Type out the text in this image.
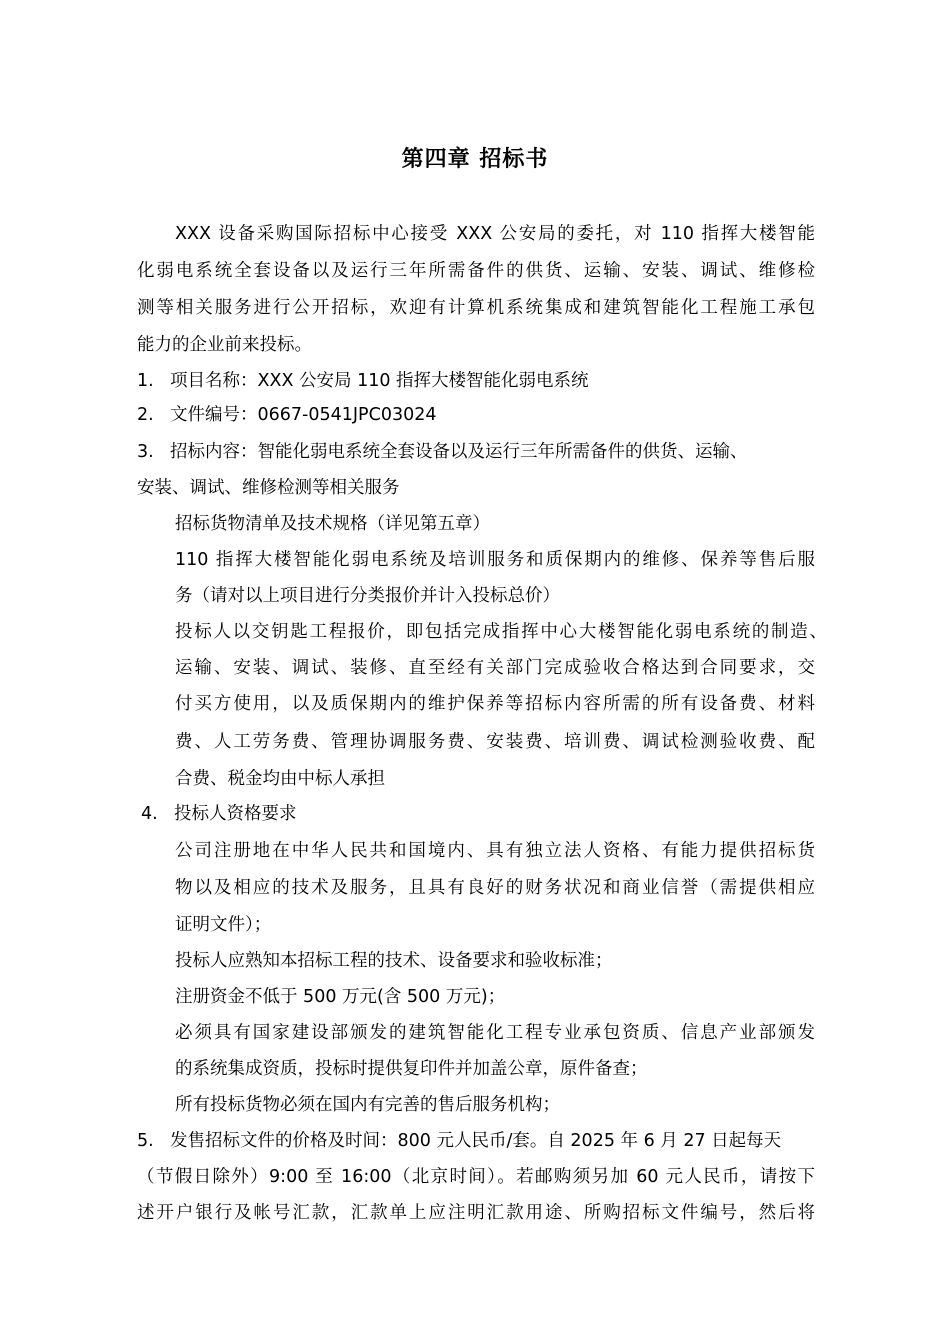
第四章 招标书
XXX 设备采购国际招标中心接受 XXX 公安局的委托，对 110 指挥大楼智能
化弱电系统全套设备以及运行三年所需备件的供货、运输、安装、调试、维修检
测等相关服务进行公开招标，欢迎有计算机系统集成和建筑智能化工程施工承包
能力的企业前来投标。
1. 项目名称：XXX 公安局 110 指挥大楼智能化弱电系统
2. 文件编号：0667-0541JPC03024
3. 招标内容：智能化弱电系统全套设备以及运行三年所需备件的供货、运输、
安装、调试、维修检测等相关服务
招标货物清单及技术规格（详见第五章）
110 指挥大楼智能化弱电系统及培训服务和质保期内的维修、保养等售后服
务（请对以上项目进行分类报价并计入投标总价）
投标人以交钥匙工程报价，即包括完成指挥中心大楼智能化弱电系统的制造、
运输、安装、调试、装修、直至经有关部门完成验收合格达到合同要求，交
付买方使用，以及质保期内的维护保养等招标内容所需的所有设备费、材料
费、人工劳务费、管理协调服务费、安装费、培训费、调试检测验收费、配
合费、税金均由中标人承担
4. 投标人资格要求
公司注册地在中华人民共和国境内、具有独立法人资格、有能力提供招标货
物以及相应的技术及服务，且具有良好的财务状况和商业信誉（需提供相应
证明文件）；
投标人应熟知本招标工程的技术、设备要求和验收标准；
注册资金不低于 500 万元(含 500 万元)；
必须具有国家建设部颁发的建筑智能化工程专业承包资质、信息产业部颁发
的系统集成资质，投标时提供复印件并加盖公章，原件备查；
所有投标货物必须在国内有完善的售后服务机构；
5. 发售招标文件的价格及时间：800 元人民币/套。自 2025 年 6 月 27 日起每天
（节假日除外）9:00 至 16:00（北京时间）。若邮购须另加 60 元人民币，请按下
述开户银行及帐号汇款，汇款单上应注明汇款用途、所购招标文件编号，然后将
